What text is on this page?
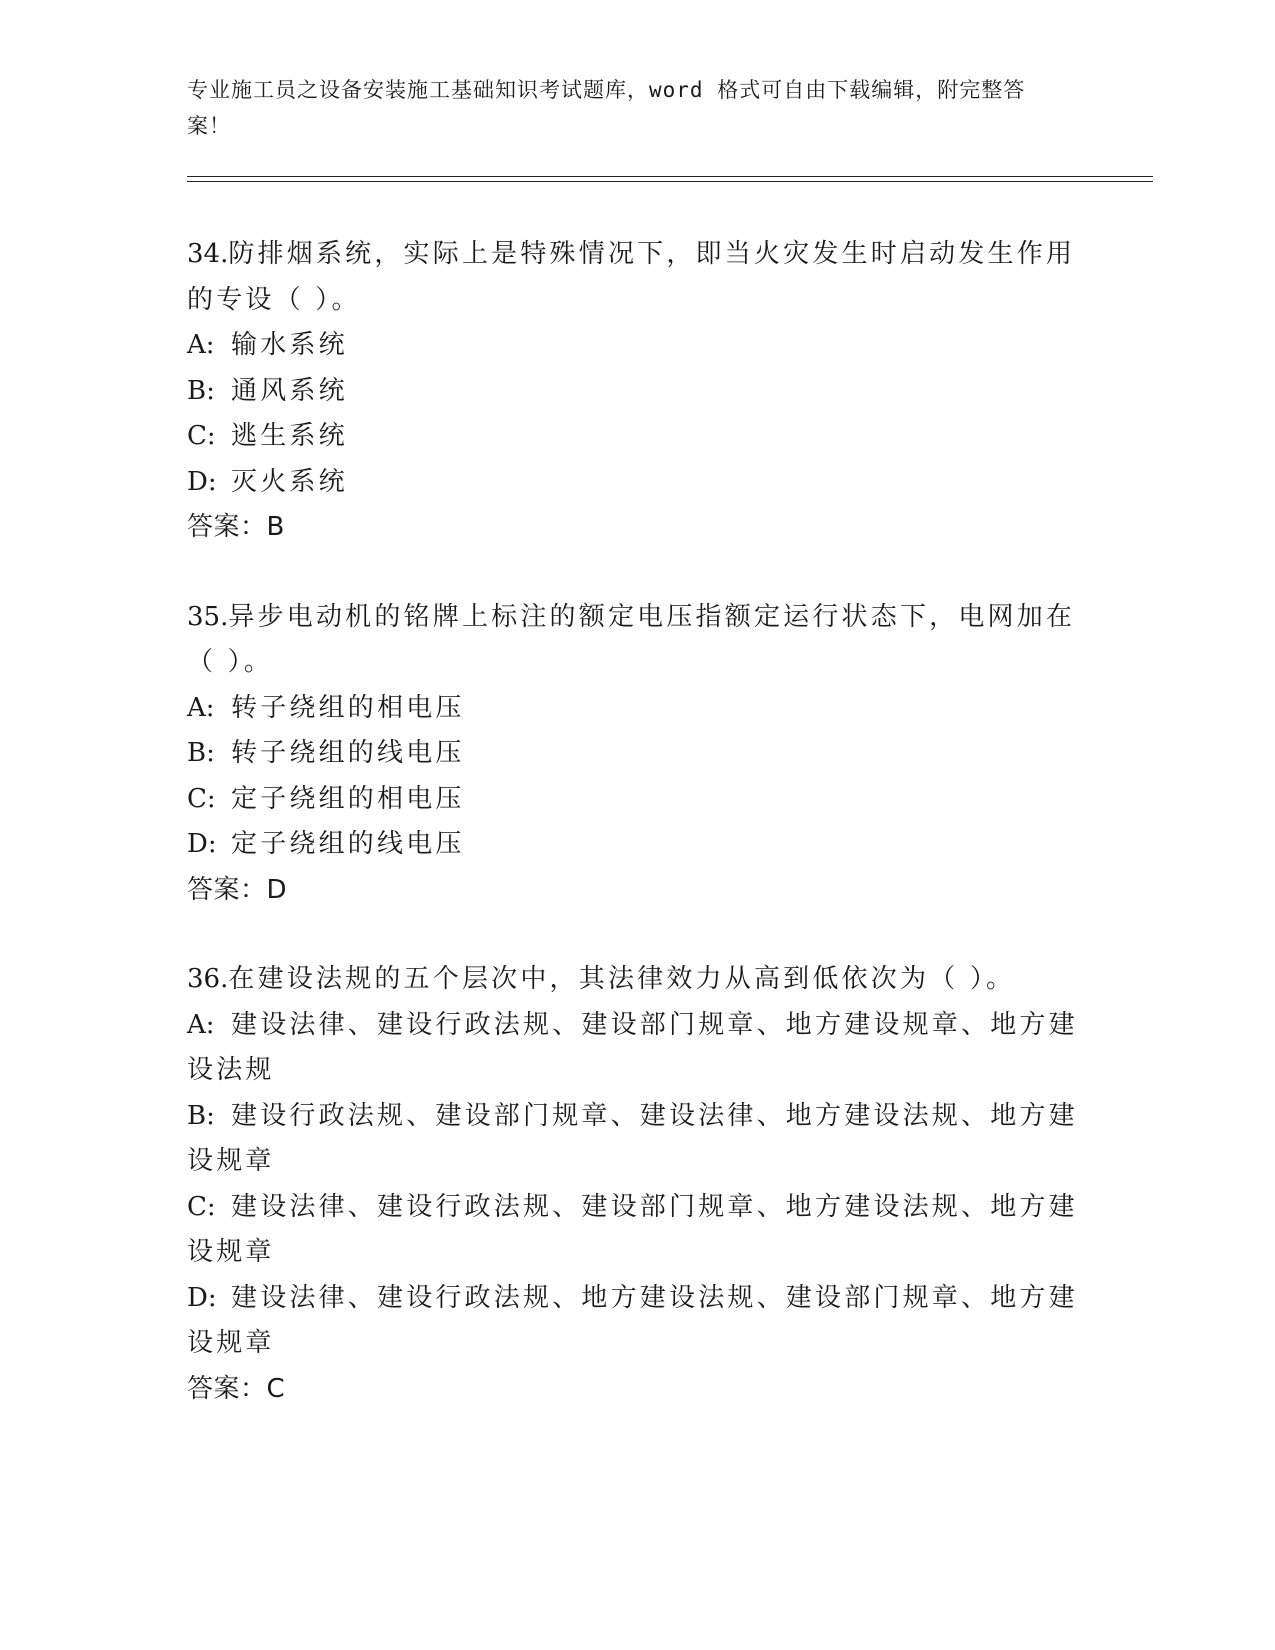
专业施工员之设备安装施工基础知识考试题库，word 格式可自由下载编辑，附完整答案！

34.防排烟系统，实际上是特殊情况下，即当火灾发生时启动发生作用的专设（ ）。

A: 输水系统

B: 通风系统

C: 逃生系统

D: 灭火系统

答案：B

35.异步电动机的铭牌上标注的额定电压指额定运行状态下，电网加在（ ）。

A: 转子绕组的相电压

B: 转子绕组的线电压

C: 定子绕组的相电压

D: 定子绕组的线电压

答案：D

36.在建设法规的五个层次中，其法律效力从高到低依次为（ ）。

A: 建设法律、建设行政法规、建设部门规章、地方建设规章、地方建设法规

B: 建设行政法规、建设部门规章、建设法律、地方建设法规、地方建设规章

C: 建设法律、建设行政法规、建设部门规章、地方建设法规、地方建设规章

D: 建设法律、建设行政法规、地方建设法规、建设部门规章、地方建设规章

答案：C
